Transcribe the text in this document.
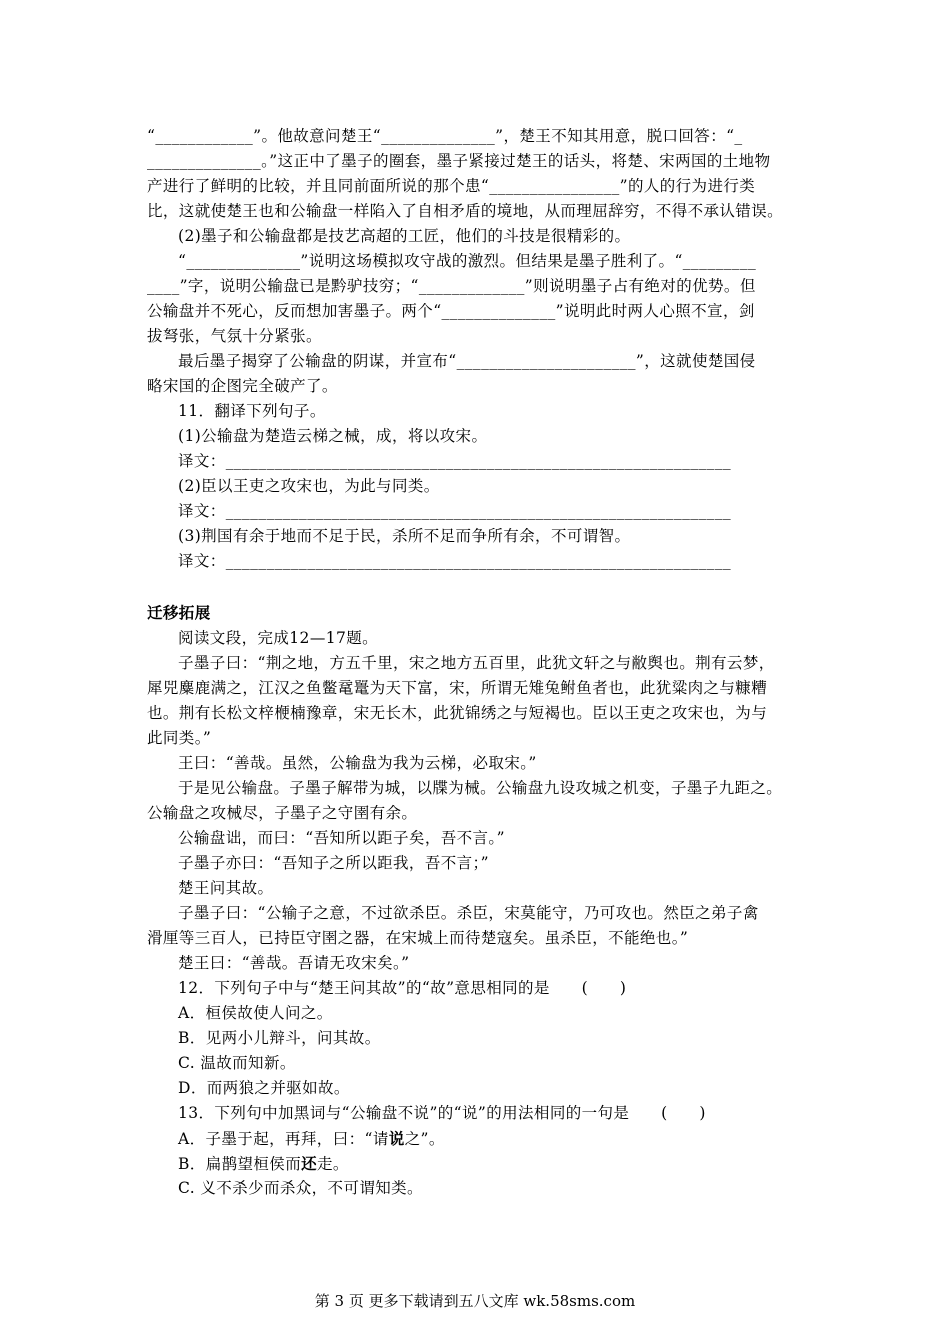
“____________”。他故意问楚王“______________”，楚王不知其用意，脱口回答：“_
______________。”这正中了墨子的圈套，墨子紧接过楚王的话头，将楚、宋两国的土地物
产进行了鲜明的比较，并且同前面所说的那个患“________________”的人的行为进行类
比，这就使楚王也和公输盘一样陷入了自相矛盾的境地，从而理屈辞穷，不得不承认错误。
(2)墨子和公输盘都是技艺高超的工匠，他们的斗技是很精彩的。
“______________”说明这场模拟攻守战的激烈。但结果是墨子胜利了。“_________
____”字，说明公输盘已是黔驴技穷；“_____________”则说明墨子占有绝对的优势。但
公输盘并不死心，反而想加害墨子。两个“______________”说明此时两人心照不宣，剑
拔弩张，气氛十分紧张。
最后墨子揭穿了公输盘的阴谋，并宣布“______________________”，这就使楚国侵
略宋国的企图完全破产了。
11．翻译下列句子。
(1)公输盘为楚造云梯之械，成，将以攻宋。
译文：______________________________________________________________
(2)臣以王吏之攻宋也，为此与同类。
译文：______________________________________________________________
(3)荆国有余于地而不足于民，杀所不足而争所有余，不可谓智。
译文：______________________________________________________________
迁移拓展
阅读文段，完成12—17题。
子墨子曰：“荆之地，方五千里，宋之地方五百里，此犹文轩之与敝舆也。荆有云梦，
犀兕麋鹿满之，江汉之鱼鳖鼋鼍为天下富，宋，所谓无雉兔鲋鱼者也，此犹粱肉之与糠糟
也。荆有长松文梓楩楠豫章，宋无长木，此犹锦绣之与短褐也。臣以王吏之攻宋也，为与
此同类。”
王曰：“善哉。虽然，公输盘为我为云梯，必取宋。”
于是见公输盘。子墨子解带为城，以牒为械。公输盘九设攻城之机变，子墨子九距之。
公输盘之攻械尽，子墨子之守圉有余。
公输盘诎，而曰：“吾知所以距子矣，吾不言。”
子墨子亦曰：“吾知子之所以距我，吾不言；”
楚王问其故。
子墨子曰：“公输子之意，不过欲杀臣。杀臣，宋莫能守，乃可攻也。然臣之弟子禽
滑厘等三百人，已持臣守圉之器，在宋城上而待楚寇矣。虽杀臣，不能绝也。”
楚王曰：“善哉。吾请无攻宋矣。”
12．下列句子中与“楚王问其故”的“故”意思相同的是　　(　　)
A．桓侯故使人问之。
B．见两小儿辩斗，问其故。
C. 温故而知新。
D．而两狼之并驱如故。
13．下列句中加黑词与“公输盘不说”的“说”的用法相同的一句是　　(　　)
A．子墨于起，再拜，曰：“请说之”。
B．扁鹊望桓侯而还走。
C. 义不杀少而杀众，不可谓知类。
第 3 页 更多下载请到五八文库 wk.58sms.com
